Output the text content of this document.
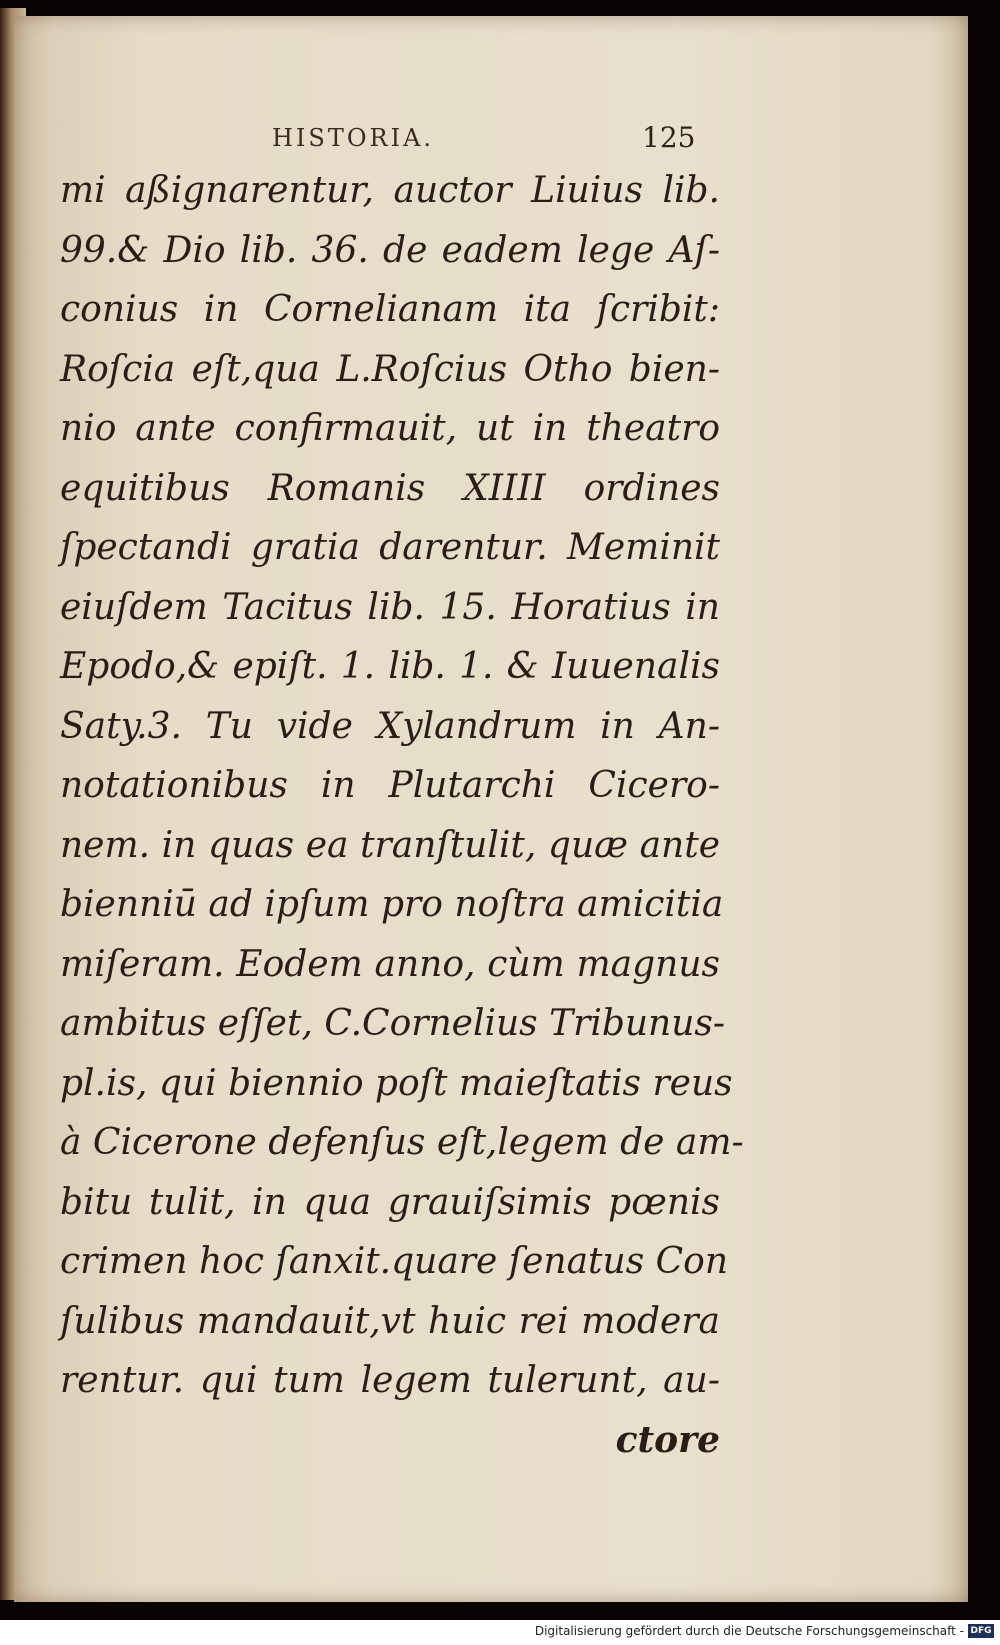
HISTORIA.	125
mi aßignarentur, auctor Liuius lib.
99.& Dio lib. 36. de eadem lege Aſ-
conius in Cornelianam ita ſcribit:
Roſcia eſt,qua L.Roſcius Otho bien-
nio ante confirmauit, ut in theatro
equitibus Romanis XIIII ordines
ſpectandi gratia darentur. Meminit
eiuſdem Tacitus lib. 15. Horatius in
Epodo,& epiſt. 1. lib. 1. & Iuuenalis
Saty.3. Tu vide Xylandrum in An-
notationibus in Plutarchi Cicero-
nem. in quas ea tranſtulit, quæ ante
bienniū ad ipſum pro noſtra amicitia
miſeram. Eodem anno, cùm magnus
ambitus eſſet, C.Cornelius Tribunus-
pl.is, qui biennio poſt maieſtatis reus
à Cicerone defenſus eſt,legem de am-
bitu tulit, in qua grauiſsimis pœnis
crimen hoc ſanxit.quare ſenatus Con
ſulibus mandauit,vt huic rei modera
rentur. qui tum legem tulerunt, au-
ctore
Digitalisierung gefördert durch die Deutsche Forschungsgemeinschaft - DFG
